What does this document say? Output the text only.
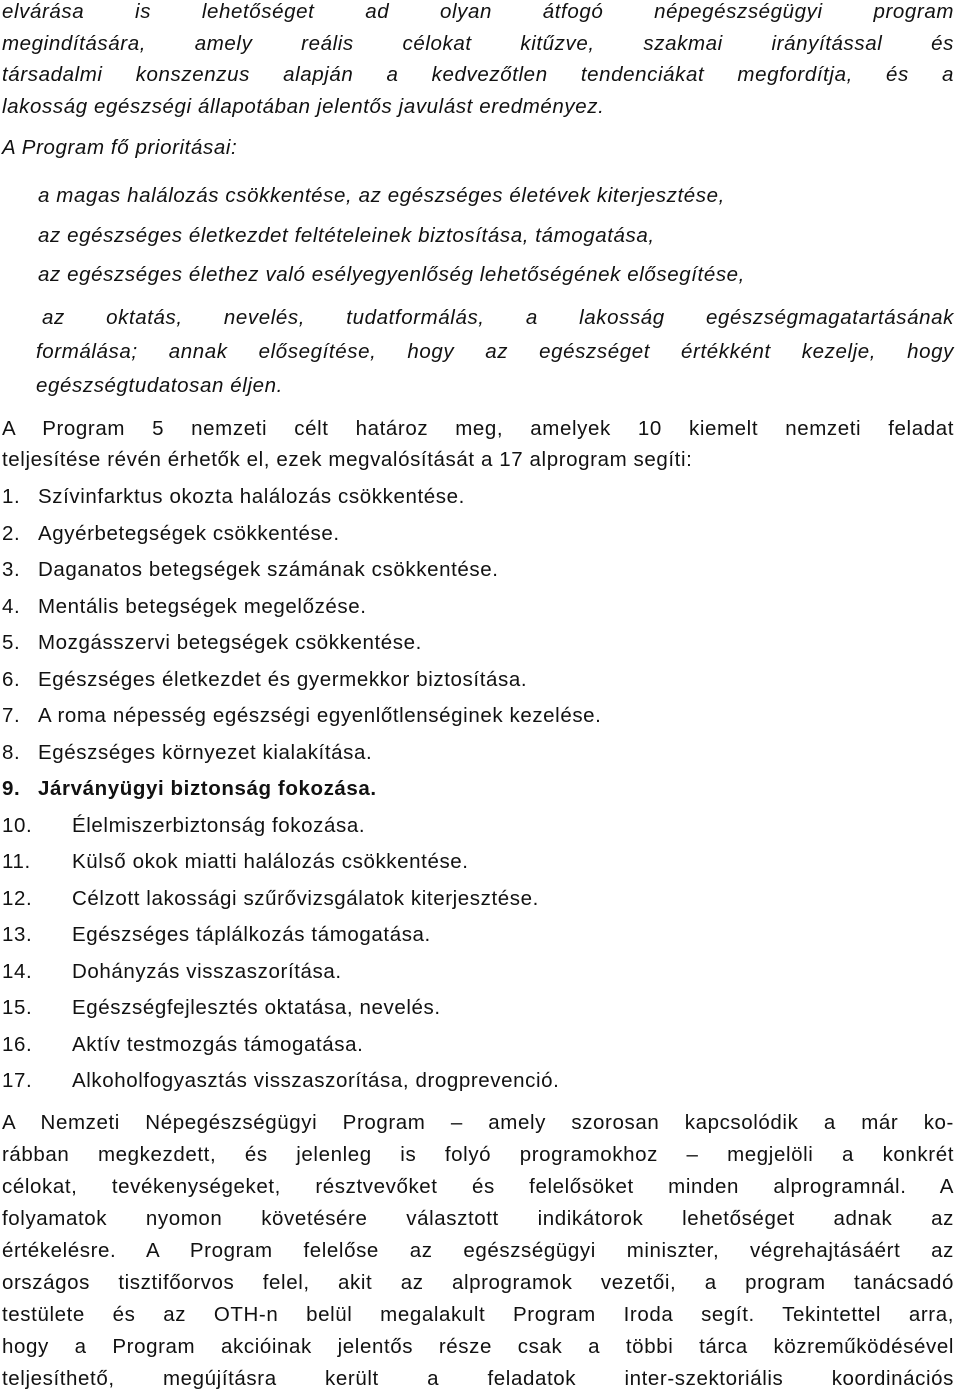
elvárása is lehetőséget ad olyan átfogó népegészségügyi program
megindítására, amely reális célokat kitűzve, szakmai irányítással és
társadalmi konszenzus alapján a kedvezőtlen tendenciákat megfordítja, és a
lakosság egészségi állapotában jelentős javulást eredményez.
A Program fő prioritásai:
a magas halálozás csökkentése, az egészséges életévek kiterjesztése,
az egészséges életkezdet feltételeinek biztosítása, támogatása,
az egészséges élethez való esélyegyenlőség lehetőségének elősegítése,
az oktatás, nevelés, tudatformálás, a lakosság egészségmagatartásának
formálása; annak elősegítése, hogy az egészséget értékként kezelje, hogy
egészségtudatosan éljen.
A Program 5 nemzeti célt határoz meg, amelyek 10 kiemelt nemzeti feladat
teljesítése révén érhetők el, ezek megvalósítását a 17 alprogram segíti:
1. Szívinfarktus okozta halálozás csökkentése.
2. Agyérbetegségek csökkentése.
3. Daganatos betegségek számának csökkentése.
4. Mentális betegségek megelőzése.
5. Mozgásszervi betegségek csökkentése.
6. Egészséges életkezdet és gyermekkor biztosítása.
7. A roma népesség egészségi egyenlőtlenséginek kezelése.
8. Egészséges környezet kialakítása.
9. Járványügyi biztonság fokozása.
10. Élelmiszerbiztonság fokozása.
11. Külső okok miatti halálozás csökkentése.
12. Célzott lakossági szűrővizsgálatok kiterjesztése.
13. Egészséges táplálkozás támogatása.
14. Dohányzás visszaszorítása.
15. Egészségfejlesztés oktatása, nevelés.
16. Aktív testmozgás támogatása.
17. Alkoholfogyasztás visszaszorítása, drogprevenció.
A Nemzeti Népegészségügyi Program – amely szorosan kapcsolódik a már ko-
rábban megkezdett, és jelenleg is folyó programokhoz – megjelöli a konkrét
célokat, tevékenységeket, résztvevőket és felelősöket minden alprogramnál. A
folyamatok nyomon követésére választott indikátorok lehetőséget adnak az
értékelésre. A Program felelőse az egészségügyi miniszter, végrehajtásáért az
országos tisztifőorvos felel, akit az alprogramok vezetői, a program tanácsadó
testülete és az OTH-n belül megalakult Program Iroda segít. Tekintettel arra,
hogy a Program akcióinak jelentős része csak a többi tárca közreműködésével
teljesíthető, megújításra került a feladatok inter-szektoriális koordinációs
